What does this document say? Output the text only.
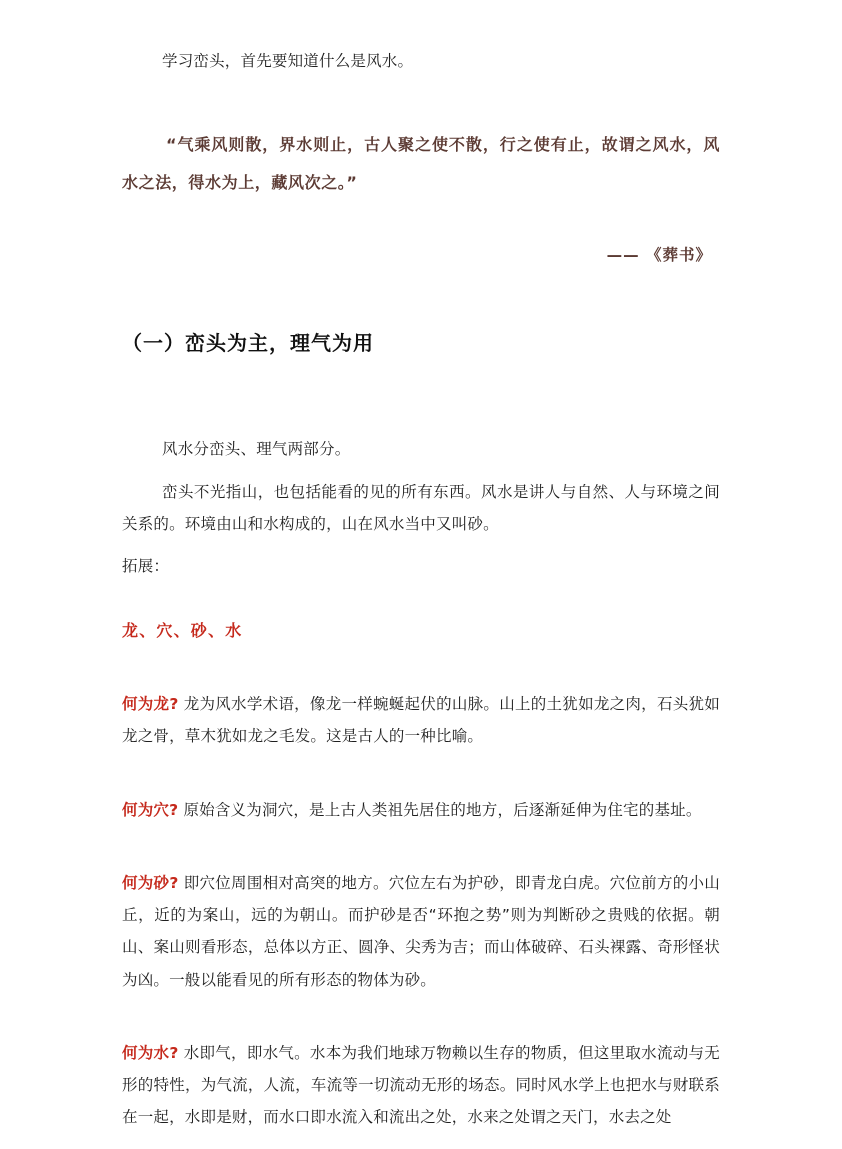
学习峦头，首先要知道什么是风水。

“气乘风则散，界水则止，古人聚之使不散，行之使有止，故谓之风水，风水之法，得水为上，藏风次之。”

—— 《葬书》

（一）峦头为主，理气为用

风水分峦头、理气两部分。

峦头不光指山，也包括能看的见的所有东西。风水是讲人与自然、人与环境之间关系的。环境由山和水构成的，山在风水当中又叫砂。

拓展：

龙、穴、砂、水

何为龙? 龙为风水学术语，像龙一样蜿蜒起伏的山脉。山上的土犹如龙之肉，石头犹如龙之骨，草木犹如龙之毛发。这是古人的一种比喻。

何为穴? 原始含义为洞穴，是上古人类祖先居住的地方，后逐渐延伸为住宅的基址。

何为砂? 即穴位周围相对高突的地方。穴位左右为护砂，即青龙白虎。穴位前方的小山丘，近的为案山，远的为朝山。而护砂是否“环抱之势”则为判断砂之贵贱的依据。朝山、案山则看形态，总体以方正、圆净、尖秀为吉；而山体破碎、石头裸露、奇形怪状为凶。一般以能看见的所有形态的物体为砂。

何为水? 水即气，即水气。水本为我们地球万物赖以生存的物质，但这里取水流动与无形的特性，为气流，人流，车流等一切流动无形的场态。同时风水学上也把水与财联系在一起，水即是财，而水口即水流入和流出之处，水来之处谓之天门，水去之处
